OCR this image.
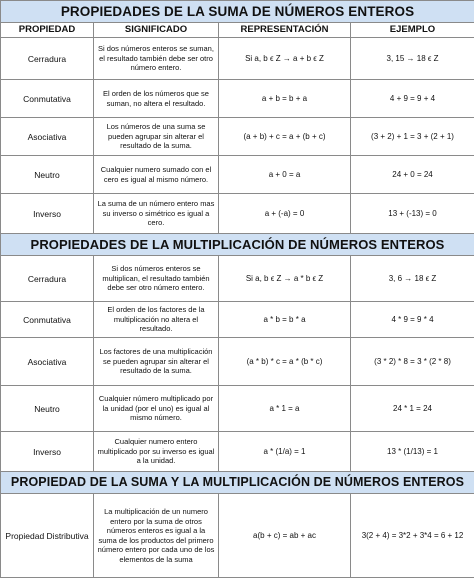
PROPIEDADES DE LA SUMA DE NÚMEROS ENTEROS			
PROPIEDAD	SIGNIFICADO	REPRESENTACIÓN	EJEMPLO
Cerradura	Si dos números enteros se suman, el resultado también debe ser otro número entero.	Si a, b ϵ Z → a + b ϵ Z	3, 15 → 18 ϵ Z
Conmutativa	El orden de los números que se suman, no altera el resultado.	a + b = b + a	4 + 9 = 9 + 4
Asociativa	Los números de una suma se pueden agrupar sin alterar el resultado de la suma.	(a + b) + c = a + (b + c)	(3 + 2) + 1 = 3 + (2 + 1)
Neutro	Cualquier numero sumado con el cero es igual al mismo número.	a + 0 = a	24 + 0 = 24
Inverso	La suma de un número entero mas su inverso o simétrico es igual a cero.	a + (-a) = 0	13 + (-13) = 0
PROPIEDADES DE LA MULTIPLICACIÓN DE NÚMEROS ENTEROS			
Cerradura	Si dos números enteros se multiplican, el resultado también debe ser otro número entero.	Si a, b ϵ Z → a * b ϵ Z	3, 6 → 18 ϵ Z
Conmutativa	El orden de los factores de la multiplicación no altera el resultado.	a * b = b * a	4 * 9 = 9 * 4
Asociativa	Los factores de una multiplicación se pueden agrupar sin alterar el resultado de la suma.	(a * b) * c = a * (b * c)	(3 * 2) * 8 = 3 * (2 * 8)
Neutro	Cualquier número multiplicado por la unidad (por el uno) es igual al mismo número.	a * 1 = a	24 * 1 = 24
Inverso	Cualquier numero entero multiplicado por su inverso es igual a la unidad.	a * (1/a) = 1	13 * (1/13) = 1
PROPIEDAD DE LA SUMA Y LA MULTIPLICACIÓN DE NÚMEROS ENTEROS			
Propiedad Distributiva	La multiplicación de un numero entero por la suma de otros números enteros es igual a la suma de los productos del primero número entero por cada uno de los elementos de la suma	a(b + c) = ab + ac	3(2 + 4) = 3*2 + 3*4 = 6 + 12
